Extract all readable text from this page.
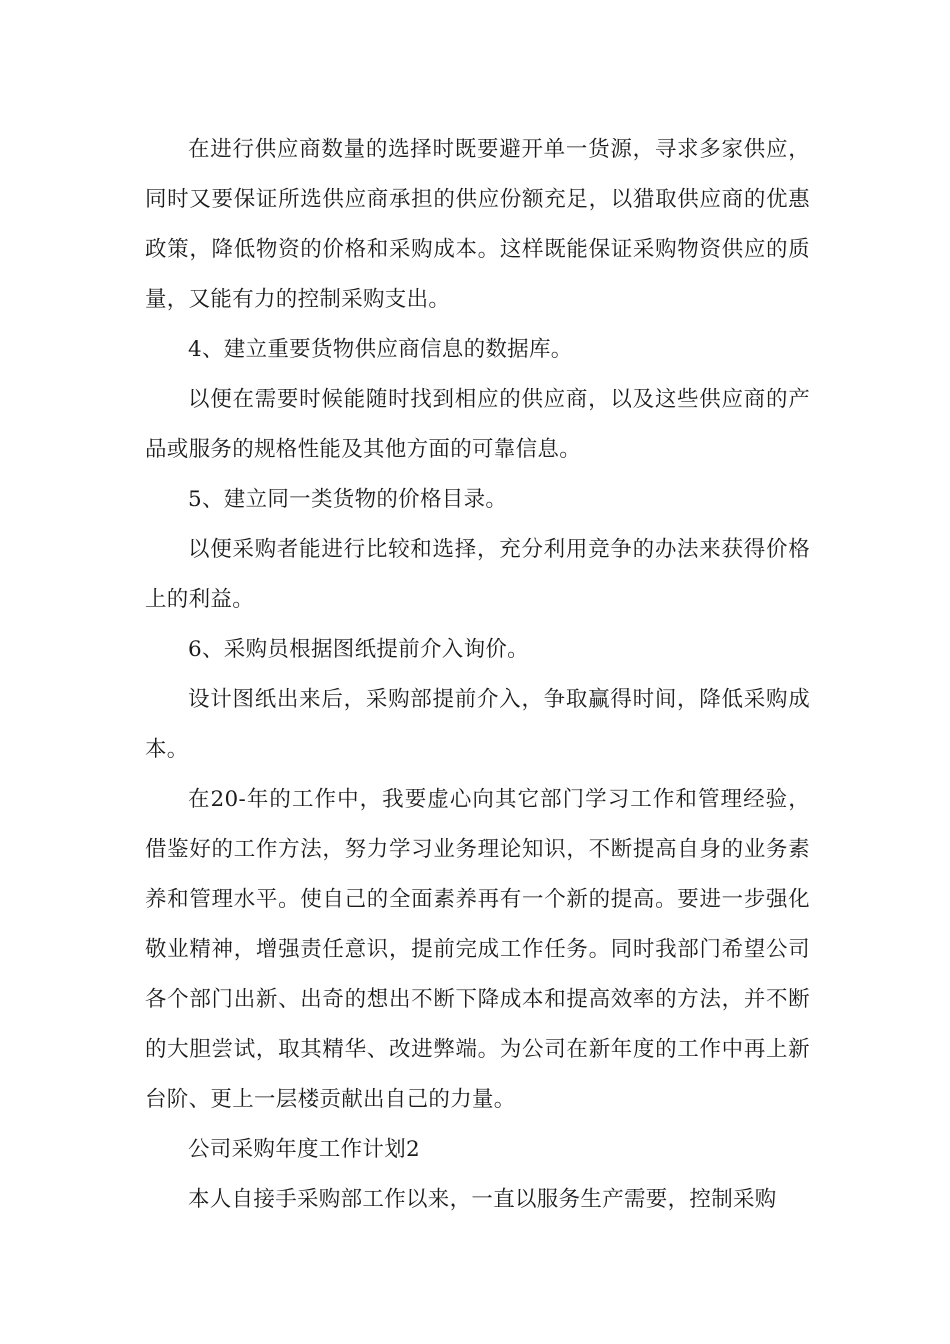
在进行供应商数量的选择时既要避开单一货源，寻求多家供应，同时又要保证所选供应商承担的供应份额充足，以猎取供应商的优惠政策，降低物资的价格和采购成本。这样既能保证采购物资供应的质量，又能有力的控制采购支出。

4、建立重要货物供应商信息的数据库。

以便在需要时候能随时找到相应的供应商，以及这些供应商的产品或服务的规格性能及其他方面的可靠信息。

5、建立同一类货物的价格目录。

以便采购者能进行比较和选择，充分利用竞争的办法来获得价格上的利益。

6、采购员根据图纸提前介入询价。

设计图纸出来后，采购部提前介入，争取赢得时间，降低采购成本。

在20-年的工作中，我要虚心向其它部门学习工作和管理经验，借鉴好的工作方法，努力学习业务理论知识，不断提高自身的业务素养和管理水平。使自己的全面素养再有一个新的提高。要进一步强化敬业精神，增强责任意识，提前完成工作任务。同时我部门希望公司各个部门出新、出奇的想出不断下降成本和提高效率的方法，并不断的大胆尝试，取其精华、改进弊端。为公司在新年度的工作中再上新台阶、更上一层楼贡献出自己的力量。

公司采购年度工作计划2

本人自接手采购部工作以来，一直以服务生产需要，控制采购
